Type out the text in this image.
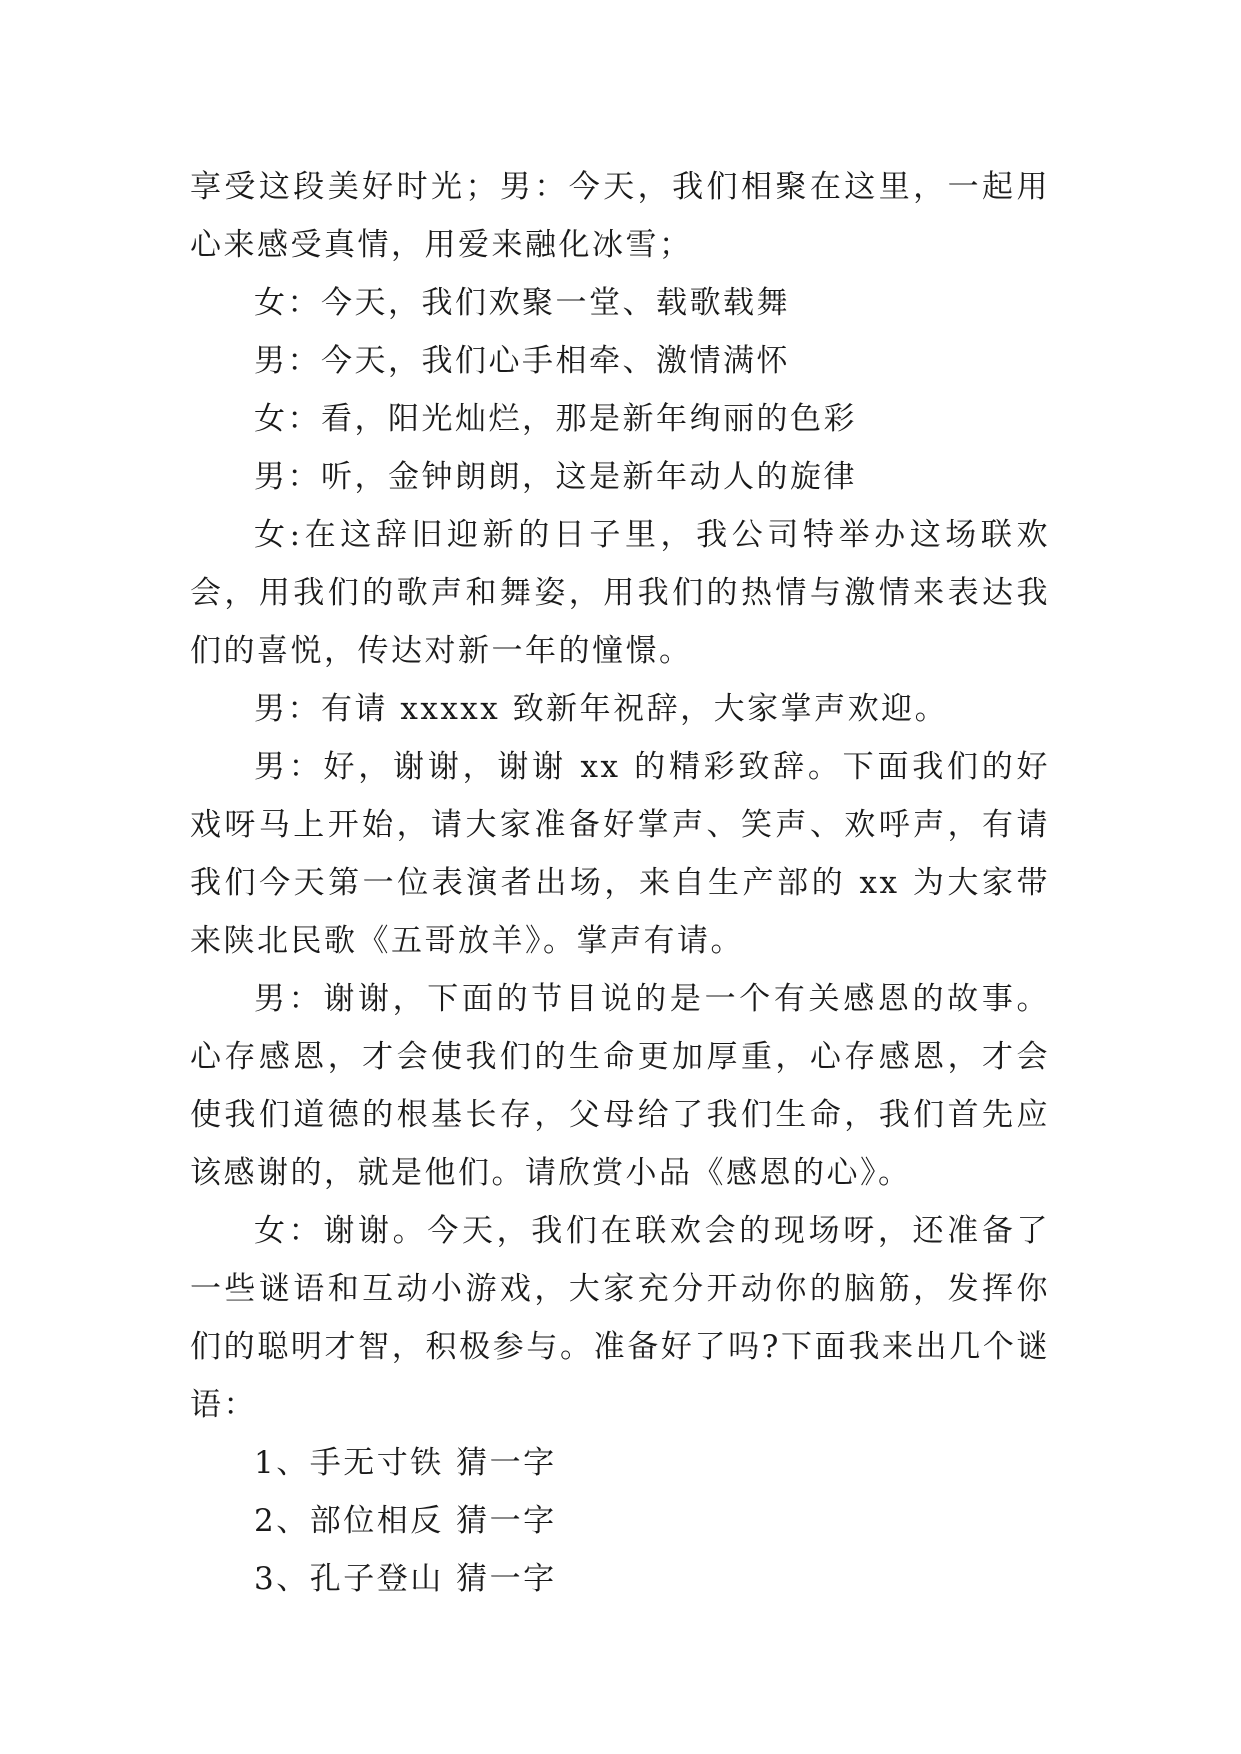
享受这段美好时光；男：今天，我们相聚在这里，一起用心来感受真情，用爱来融化冰雪；

女：今天，我们欢聚一堂、载歌载舞

男：今天，我们心手相牵、激情满怀

女：看，阳光灿烂，那是新年绚丽的色彩

男：听，金钟朗朗，这是新年动人的旋律

女:在这辞旧迎新的日子里，我公司特举办这场联欢会，用我们的歌声和舞姿，用我们的热情与激情来表达我们的喜悦，传达对新一年的憧憬。

男：有请 xxxxx 致新年祝辞，大家掌声欢迎。

男：好，谢谢，谢谢 xx 的精彩致辞。下面我们的好戏呀马上开始，请大家准备好掌声、笑声、欢呼声，有请我们今天第一位表演者出场，来自生产部的 xx 为大家带来陕北民歌《五哥放羊》。掌声有请。

男：谢谢，下面的节目说的是一个有关感恩的故事。心存感恩，才会使我们的生命更加厚重，心存感恩，才会使我们道德的根基长存，父母给了我们生命，我们首先应该感谢的，就是他们。请欣赏小品《感恩的心》。

女：谢谢。今天，我们在联欢会的现场呀，还准备了一些谜语和互动小游戏，大家充分开动你的脑筋，发挥你们的聪明才智，积极参与。准备好了吗?下面我来出几个谜语：

1、手无寸铁 猜一字

2、部位相反 猜一字

3、孔子登山 猜一字
